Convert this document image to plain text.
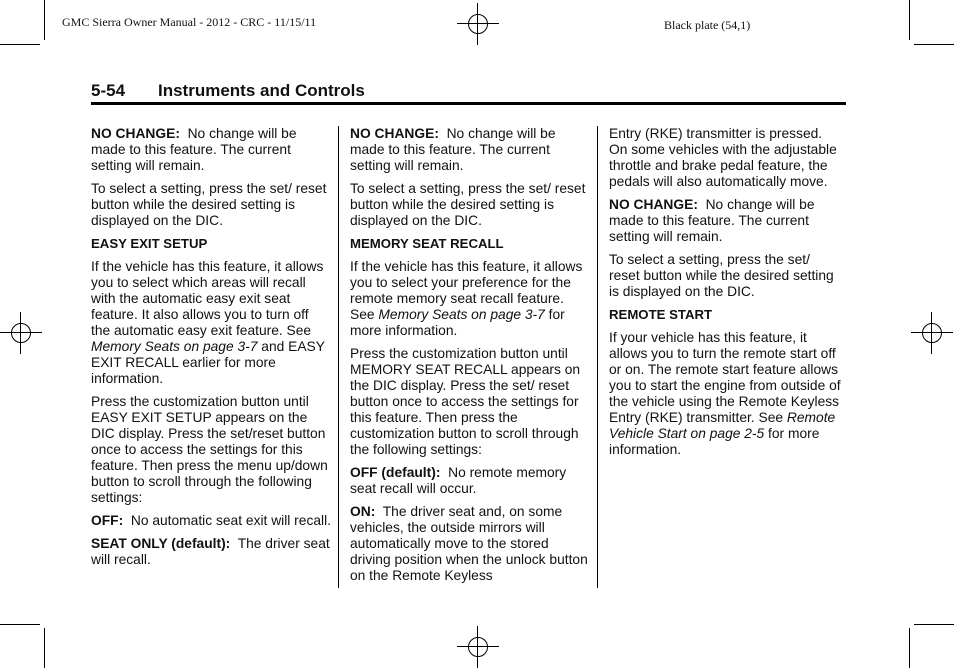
GMC Sierra Owner Manual - 2012 - CRC - 11/15/11	Black plate (54,1)
5-54 Instruments and Controls

NO CHANGE: No change will be made to this feature. The current setting will remain.

To select a setting, press the set/ reset button while the desired setting is displayed on the DIC.

EASY EXIT SETUP

If the vehicle has this feature, it allows you to select which areas will recall with the automatic easy exit seat feature. It also allows you to turn off the automatic easy exit feature. See Memory Seats on page 3-7 and EASY EXIT RECALL earlier for more information.

Press the customization button until EASY EXIT SETUP appears on the DIC display. Press the set/reset button once to access the settings for this feature. Then press the menu up/down button to scroll through the following settings:

OFF: No automatic seat exit will recall.

SEAT ONLY (default): The driver seat will recall.

NO CHANGE: No change will be made to this feature. The current setting will remain.

To select a setting, press the set/ reset button while the desired setting is displayed on the DIC.

MEMORY SEAT RECALL

If the vehicle has this feature, it allows you to select your preference for the remote memory seat recall feature. See Memory Seats on page 3-7 for more information.

Press the customization button until MEMORY SEAT RECALL appears on the DIC display. Press the set/ reset button once to access the settings for this feature. Then press the customization button to scroll through the following settings:

OFF (default): No remote memory seat recall will occur.

ON: The driver seat and, on some vehicles, the outside mirrors will automatically move to the stored driving position when the unlock button on the Remote Keyless

Entry (RKE) transmitter is pressed. On some vehicles with the adjustable throttle and brake pedal feature, the pedals will also automatically move.

NO CHANGE: No change will be made to this feature. The current setting will remain.

To select a setting, press the set/ reset button while the desired setting is displayed on the DIC.

REMOTE START

If your vehicle has this feature, it allows you to turn the remote start off or on. The remote start feature allows you to start the engine from outside of the vehicle using the Remote Keyless Entry (RKE) transmitter. See Remote Vehicle Start on page 2-5 for more information.
